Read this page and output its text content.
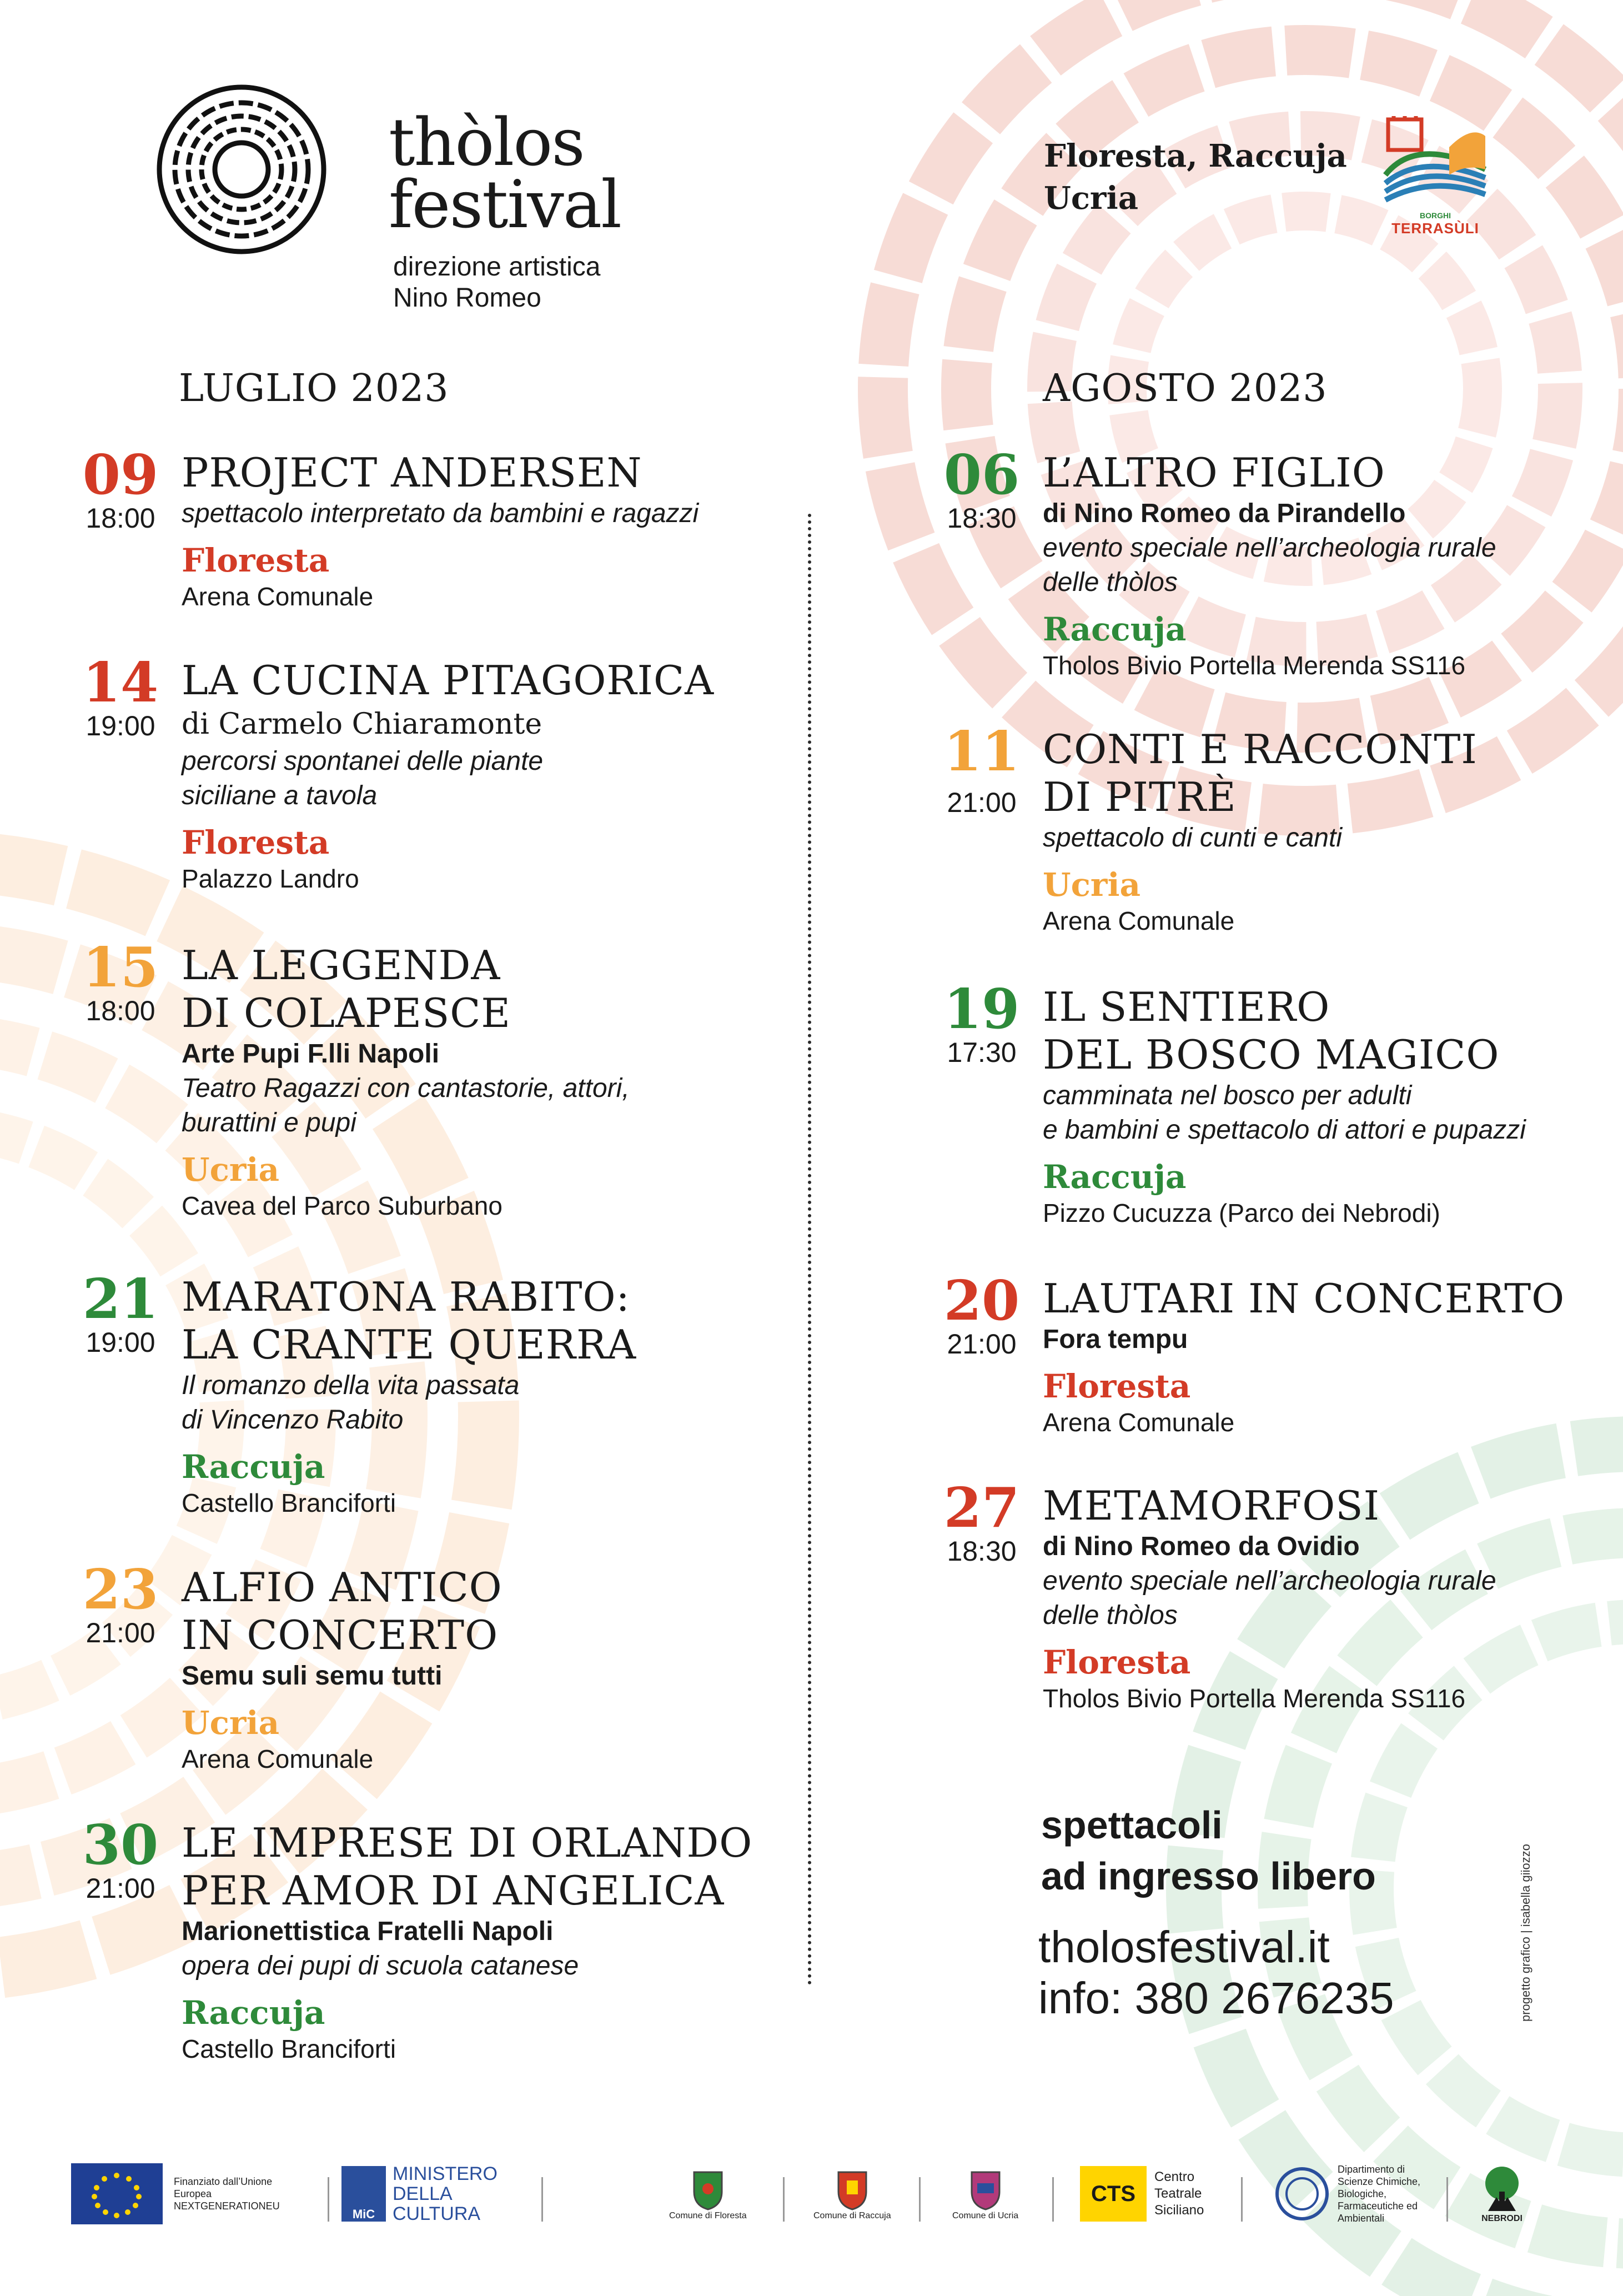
thòlos
festival
direzione artistica
Nino Romeo
Floresta, Raccuja
Ucria	BORGHI
TERRASÙLI
LUGLIO 2023	AGOSTO 2023
09
18:00
PROJECT ANDERSEN
spettacolo interpretato da bambini e ragazzi
Floresta
Arena Comunale
14
19:00
LA CUCINA PITAGORICA
di Carmelo Chiaramonte
percorsi spontanei delle piante
siciliane a tavola
Floresta
Palazzo Landro
15
18:00
LA LEGGENDA
DI COLAPESCE
Arte Pupi F.lli Napoli
Teatro Ragazzi con cantastorie, attori,
burattini e pupi
Ucria
Cavea del Parco Suburbano
21
19:00
MARATONA RABITO:
LA CRANTE QUERRA
Il romanzo della vita passata
di Vincenzo Rabito
Raccuja
Castello Branciforti
23
21:00
ALFIO ANTICO
IN CONCERTO
Semu suli semu tutti
Ucria
Arena Comunale
30
21:00
LE IMPRESE DI ORLANDO
PER AMOR DI ANGELICA
Marionettistica Fratelli Napoli
opera dei pupi di scuola catanese
Raccuja
Castello Branciforti
06
18:30
L’ALTRO FIGLIO
di Nino Romeo da Pirandello
evento speciale nell’archeologia rurale
delle thòlos
Raccuja
Tholos Bivio Portella Merenda SS116
11
21:00
CONTI E RACCONTI
DI PITRÈ
spettacolo di cunti e canti
Ucria
Arena Comunale
19
17:30
IL SENTIERO
DEL BOSCO MAGICO
camminata nel bosco per adulti
e bambini e spettacolo di attori e pupazzi
Raccuja
Pizzo Cucuzza (Parco dei Nebrodi)
20
21:00
LAUTARI IN CONCERTO
Fora tempu
Floresta
Arena Comunale
27
18:30
METAMORFOSI
di Nino Romeo da Ovidio
evento speciale nell’archeologia rurale
delle thòlos
Floresta
Tholos Bivio Portella Merenda SS116
spettacoli
ad ingresso libero
tholosfestival.it
info: 380 2676235	progetto grafico | isabella giiozzo
Finanziato dall’Unione
Europea
NEXTGENERATIONEU
MiC
MINISTERO
DELLA
CULTURA	Comune di Floresta	Comune di Raccuja	Comune di Ucria
CTS
Centro
Teatrale
Siciliano
Dipartimento di
Scienze Chimiche,
Biologiche,
Farmaceutiche ed
Ambientali	NEBRODI
